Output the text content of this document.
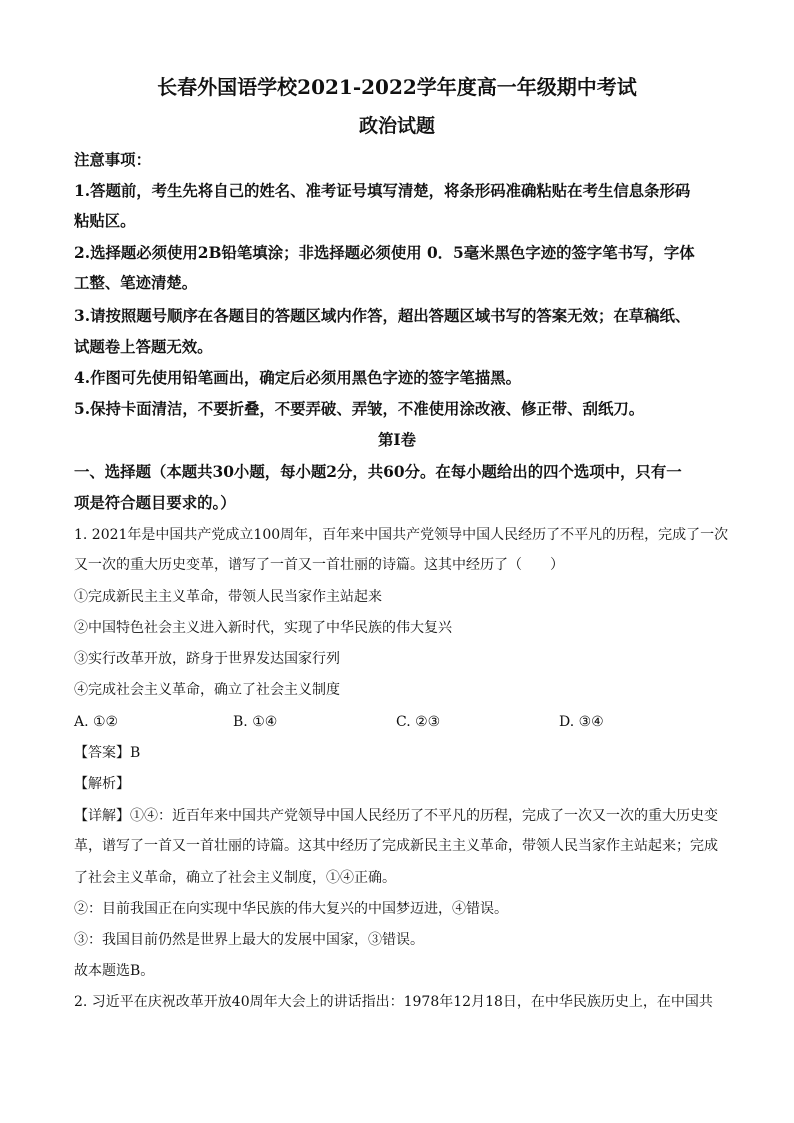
长春外国语学校2021-2022学年度高一年级期中考试
政治试题
注意事项：
1.答题前，考生先将自己的姓名、准考证号填写清楚，将条形码准确粘贴在考生信息条形码
粘贴区。
2.选择题必须使用2B铅笔填涂；非选择题必须使用 0．5毫米黑色字迹的签字笔书写，字体
工整、笔迹清楚。
3.请按照题号顺序在各题目的答题区域内作答，超出答题区域书写的答案无效；在草稿纸、
试题卷上答题无效。
4.作图可先使用铅笔画出，确定后必须用黑色字迹的签字笔描黑。
5.保持卡面清洁，不要折叠，不要弄破、弄皱，不准使用涂改液、修正带、刮纸刀。
第Ⅰ卷
一、选择题（本题共30小题，每小题2分，共60分。在每小题给出的四个选项中，只有一
项是符合题目要求的。）
1. 2021年是中国共产党成立100周年，百年来中国共产党领导中国人民经历了不平凡的历程，完成了一次
又一次的重大历史变革，谱写了一首又一首壮丽的诗篇。这其中经历了（　　）
①完成新民主主义革命，带领人民当家作主站起来
②中国特色社会主义进入新时代，实现了中华民族的伟大复兴
③实行改革开放，跻身于世界发达国家行列
④完成社会主义革命，确立了社会主义制度
A. ①②	B. ①④	C. ②③	D. ③④
【答案】B
【解析】
【详解】①④：近百年来中国共产党领导中国人民经历了不平凡的历程，完成了一次又一次的重大历史变
革，谱写了一首又一首壮丽的诗篇。这其中经历了完成新民主主义革命，带领人民当家作主站起来；完成
了社会主义革命，确立了社会主义制度，①④正确。
②：目前我国正在向实现中华民族的伟大复兴的中国梦迈进，④错误。
③：我国目前仍然是世界上最大的发展中国家，③错误。
故本题选B。
2. 习近平在庆祝改革开放40周年大会上的讲话指出：1978年12月18日，在中华民族历史上，在中国共
